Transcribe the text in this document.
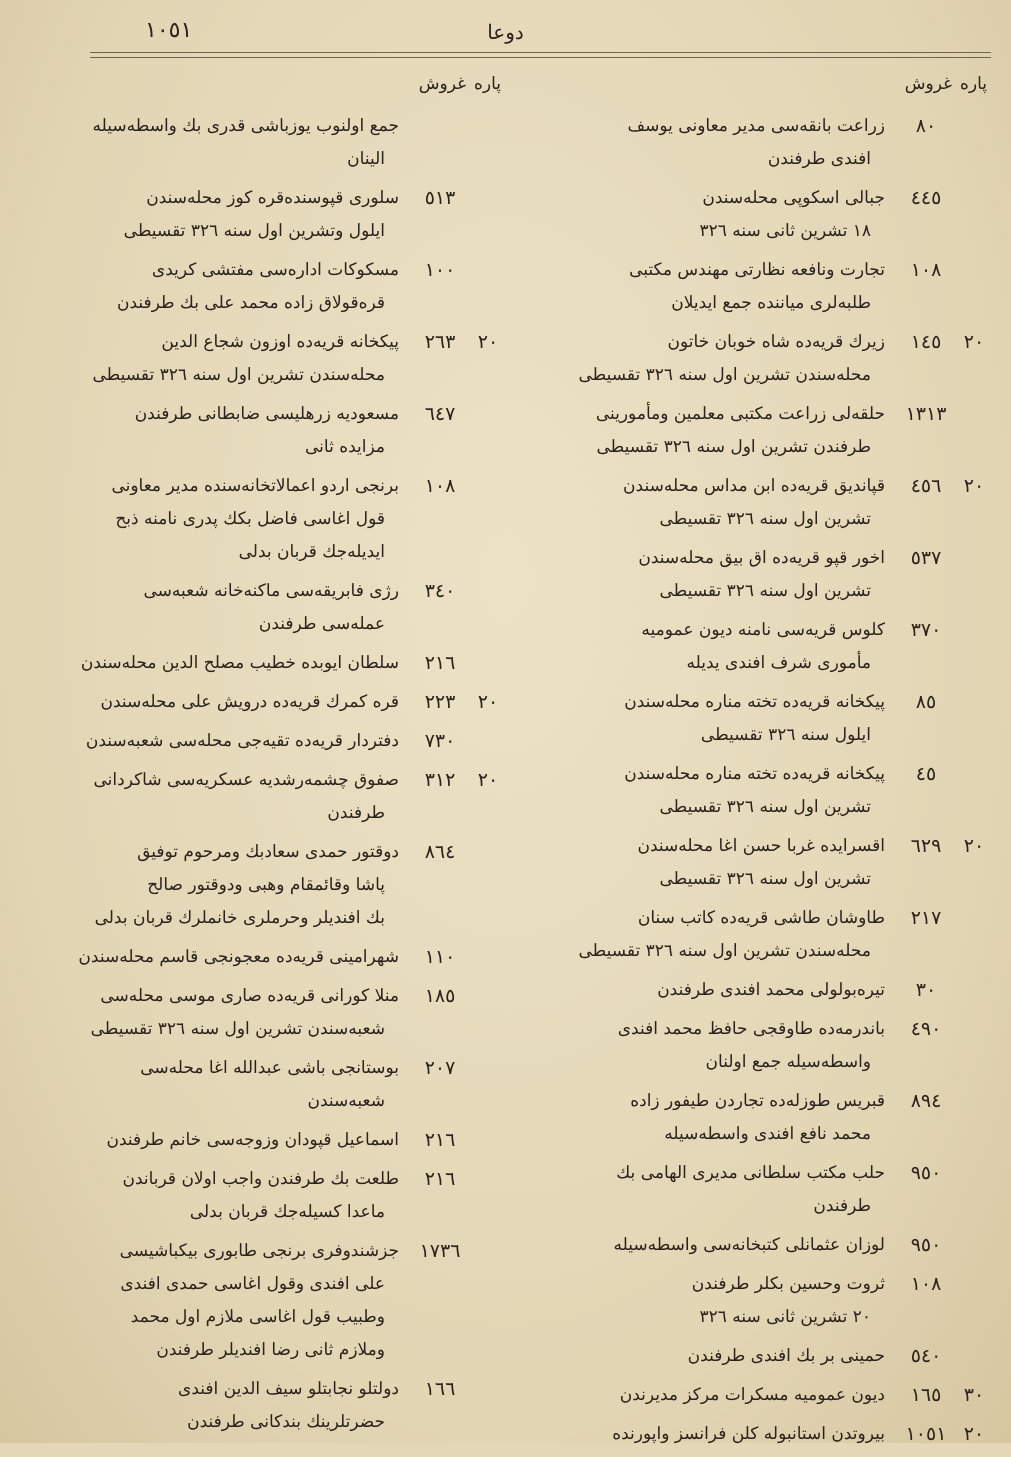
١٠٥١	دوعا
پاره
غروش
٨٠
زراعت بانقەسی مدیر معاونی یوسف
افندی طرفندن
٤٤٥
جبالی اسکوپی محلەسندن
١٨ تشرین ثانی سنه ٣٢٦
١٠٨
تجارت ونافعه نظارتی مهندس مکتبی
طلبەلری میاننده جمع ایدیلان
٢٠
١٤٥
زیرك قریەده شاه خوبان خاتون
محلەسندن تشرین اول سنه ٣٢٦ تقسیطی
١٣١٣
حلقەلی زراعت مکتبی معلمین ومأمورینی
طرفندن تشرین اول سنه ٣٢٦ تقسیطی
٢٠
٤٥٦
قپاندیق قریەده ابن مداس محلەسندن
تشرین اول سنه ٣٢٦ تقسیطی
٥٣٧
اخور قپو قریەده اق بیق محلەسندن
تشرین اول سنه ٣٢٦ تقسیطی
٣٧٠
کلوس قریەسی نامنه دیون عمومیه
مأموری شرف افندی یدیله
٨٥
پیکخانه قریەده تخته مناره محلەسندن
ایلول سنه ٣٢٦ تقسیطی
٤٥
پیکخانه قریەده تخته مناره محلەسندن
تشرین اول سنه ٣٢٦ تقسیطی
٢٠
٦٢٩
اقسرایده غربا حسن اغا محلەسندن
تشرین اول سنه ٣٢٦ تقسیطی
٢١٧
طاوشان طاشی قریەده کاتب سنان
محلەسندن تشرین اول سنه ٣٢٦ تقسیطی
٣٠
تیرەبولولی محمد افندی طرفندن
٤٩٠
باندرمەده طاوقجی حافظ محمد افندی
واسطەسیله جمع اولنان
٨٩٤
قبریس طوزلەده تجاردن طیفور زاده
محمد نافع افندی واسطەسیله
٩٥٠
حلب مکتب سلطانی مدیری الهامی بك
طرفندن
٩٥٠
لوزان عثمانلی کتبخانەسی واسطەسیله
١٠٨
ثروت وحسین بکلر طرفندن
٢٠ تشرین ثانی سنه ٣٢٦
٥٤٠
حمینی بر بك افندی طرفندن
٣٠
١٦٥
دیون عمومیه مسکرات مرکز مدیرندن
٢٠
١٠٥١
بیروتدن استانبوله کلن فرانسز واپورنده
پاره
غروش
جمع اولنوب یوزباشی قدری بك واسطەسیله
الینان
٥١٣
سلوری قپوسندەقره کوز محلەسندن
ایلول وتشرین اول سنه ٣٢٦ تقسیطی
١٠٠
مسکوکات ادارەسی مفتشی کریدی
قرەقولاق زاده محمد علی بك طرفندن
٢٠
٢٦٣
پیکخانه قریەده اوزون شجاع الدین
محلەسندن تشرین اول سنه ٣٢٦ تقسیطی
٦٤٧
مسعودیه زرهلیسی ضابطانی طرفندن
مزایده ثانی
١٠٨
برنجی اردو اعمالاتخانەسنده مدیر معاونی
قول اغاسی فاضل بکك پدری نامنه ذبح
ایدیلەجك قربان بدلی
٣٤٠
رژی فابریقەسی ماکنەخانه شعبەسی
عملەسی طرفندن
٢١٦
سلطان ایوبده خطیب مصلح الدین محلەسندن
٢٠
٢٢٣
قره کمرك قریەده درویش علی محلەسندن
٧٣٠
دفتردار قریەده تقیەجی محلەسی شعبەسندن
٢٠
٣١٢
صفوق چشمەرشدیه عسکریەسی شاکردانی
طرفندن
٨٦٤
دوقتور حمدی سعادبك ومرحوم توفیق
پاشا وقائمقام وهبی ودوقتور صالح
بك افندیلر وحرملری خانملرك قربان بدلی
١١٠
شهرامینی قریەده معجونجی قاسم محلەسندن
١٨٥
منلا کورانی قریەده صاری موسی محلەسی
شعبەسندن تشرین اول سنه ٣٢٦ تقسیطی
٢٠٧
بوستانجی باشی عبدالله اغا محلەسی
شعبەسندن
٢١٦
اسماعیل قپودان وزوجەسی خانم طرفندن
٢١٦
طلعت بك طرفندن واجب اولان قرباندن
ماعدا کسیلەجك قربان بدلی
١٧٣٦
جزشندوفری برنجی طابوری بیکباشیسی
علی افندی وقول اغاسی حمدی افندی
وطبیب قول اغاسی ملازم اول محمد
وملازم ثانی رضا افندیلر طرفندن
١٦٦
دولتلو نجابتلو سیف الدین افندی
حضرتلرینك بندکانی طرفندن
